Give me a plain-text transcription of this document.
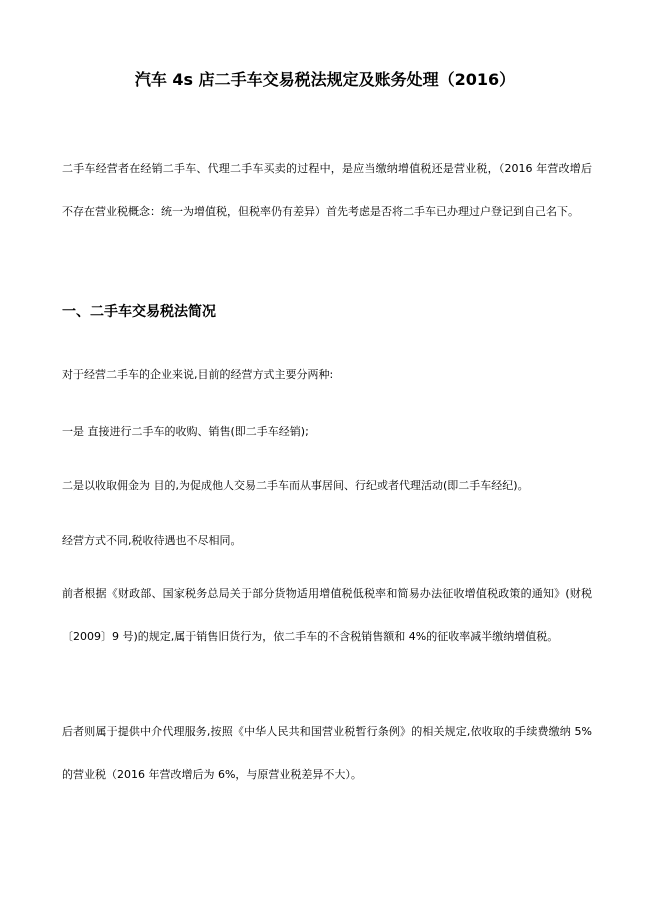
汽车 4s 店二手车交易税法规定及账务处理（2016）

二手车经营者在经销二手车、代理二手车买卖的过程中，是应当缴纳增值税还是营业税，（2016 年营改增后不存在营业税概念：统一为增值税，但税率仍有差异）首先考虑是否将二手车已办理过户登记到自己名下。

一、二手车交易税法简况
对于经营二手车的企业来说,目前的经营方式主要分两种:
一是 直接进行二手车的收购、销售(即二手车经销);
二是以收取佣金为 目的,为促成他人交易二手车而从事居间、行纪或者代理活动(即二手车经纪)。
经营方式不同,税收待遇也不尽相同。

前者根据《财政部、国家税务总局关于部分货物适用增值税低税率和简易办法征收增值税政策的通知》(财税〔2009〕9 号)的规定,属于销售旧货行为，依二手车的不含税销售额和 4%的征收率减半缴纳增值税。

后者则属于提供中介代理服务,按照《中华人民共和国营业税暂行条例》的相关规定,依收取的手续费缴纳 5%的营业税（2016 年营改增后为 6%，与原营业税差异不大）。
